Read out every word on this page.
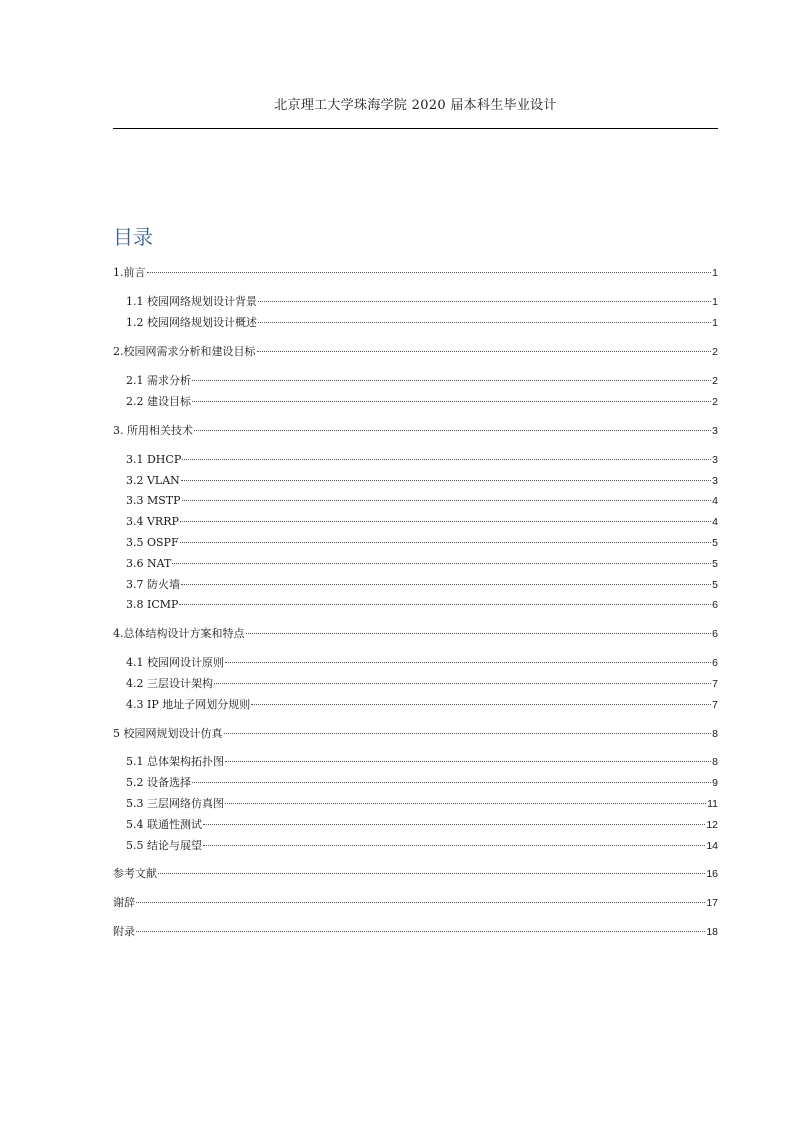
北京理工大学珠海学院 2020 届本科生毕业设计
目录
1.前言	1
1.1 校园网络规划设计背景	1
1.2 校园网络规划设计概述	1
2.校园网需求分析和建设目标	2
2.1 需求分析	2
2.2 建设目标	2
3. 所用相关技术	3
3.1 DHCP	3
3.2 VLAN	3
3.3 MSTP	4
3.4 VRRP	4
3.5 OSPF	5
3.6 NAT	5
3.7 防火墙	5
3.8 ICMP	6
4.总体结构设计方案和特点	6
4.1 校园网设计原则	6
4.2 三层设计架构	7
4.3 IP 地址子网划分规则	7
5 校园网规划设计仿真	8
5.1 总体架构拓扑图	8
5.2 设备选择	9
5.3 三层网络仿真图	11
5.4 联通性测试	12
5.5 结论与展望	14
参考文献	16
谢辞	17
附录	18
